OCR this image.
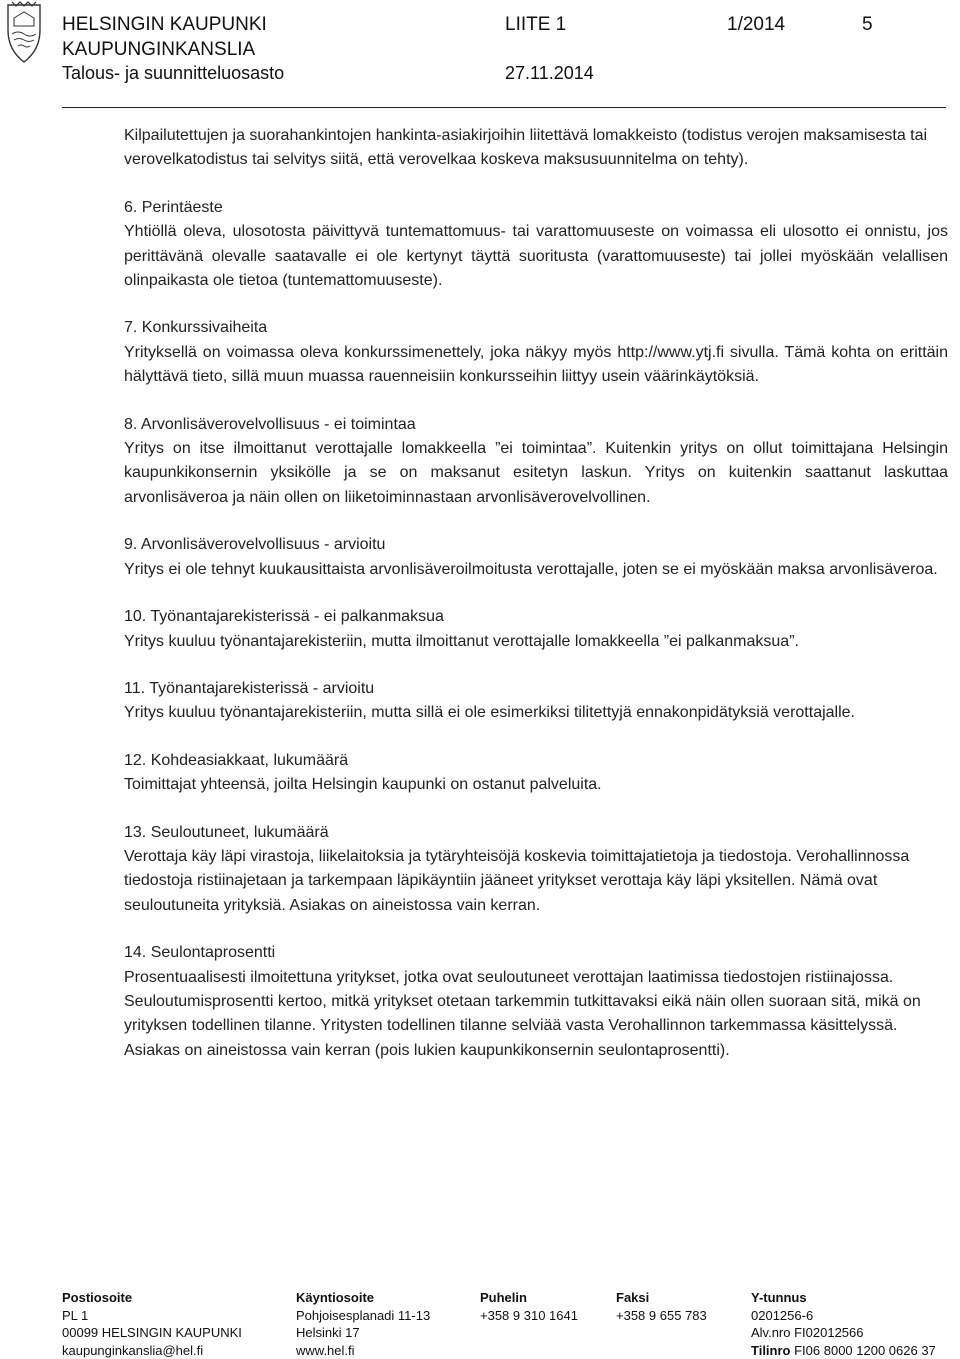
HELSINGIN KAUPUNKI
KAUPUNGINKANSLIA
Talous- ja suunnitteluosasto
LIITE 1	1/2014	5
27.11.2014

Kilpailutettujen ja suorahankintojen hankinta-asiakirjoihin liitettävä lomakkeisto (todistus verojen maksamisesta tai verovelkatodistus tai selvitys siitä, että verovelkaa koskeva maksusuunnitelma on tehty).

6. Perintäeste

Yhtiöllä oleva, ulosotosta päivittyvä tuntemattomuus- tai varattomuuseste on voimassa eli ulosotto ei onnistu, jos perittävänä olevalle saatavalle ei ole kertynyt täyttä suoritusta (varattomuuseste) tai jollei myöskään velallisen olinpaikasta ole tietoa (tuntemattomuuseste).

7. Konkurssivaiheita

Yrityksellä on voimassa oleva konkurssimenettely, joka näkyy myös http://www.ytj.fi sivulla. Tämä kohta on erittäin hälyttävä tieto, sillä muun muassa rauenneisiin konkursseihin liittyy usein väärinkäytöksiä.

8. Arvonlisäverovelvollisuus - ei toimintaa

Yritys on itse ilmoittanut verottajalle lomakkeella ”ei toimintaa”. Kuitenkin yritys on ollut toimittajana Helsingin kaupunkikonsernin yksikölle ja se on maksanut esitetyn laskun. Yritys on kuitenkin saattanut laskuttaa arvonlisäveroa ja näin ollen on liiketoiminnastaan arvonlisäverovelvollinen.

9. Arvonlisäverovelvollisuus - arvioitu

Yritys ei ole tehnyt kuukausittaista arvonlisäveroilmoitusta verottajalle, joten se ei myöskään maksa arvonlisäveroa.

10. Työnantajarekisterissä - ei palkanmaksua

Yritys kuuluu työnantajarekisteriin, mutta ilmoittanut verottajalle lomakkeella ”ei palkanmaksua”.

11. Työnantajarekisterissä - arvioitu

Yritys kuuluu työnantajarekisteriin, mutta sillä ei ole esimerkiksi tilitettyjä ennakonpidätyksiä verottajalle.

12. Kohdeasiakkaat, lukumäärä

Toimittajat yhteensä, joilta Helsingin kaupunki on ostanut palveluita.

13. Seuloutuneet, lukumäärä

Verottaja käy läpi virastoja, liikelaitoksia ja tytäryhteisöjä koskevia toimittajatietoja ja tiedostoja. Verohallinnossa tiedostoja ristiinajetaan ja tarkempaan läpikäyntiin jääneet yritykset verottaja käy läpi yksitellen. Nämä ovat seuloutuneita yrityksiä. Asiakas on aineistossa vain kerran.

14. Seulontaprosentti

Prosentuaalisesti ilmoitettuna yritykset, jotka ovat seuloutuneet verottajan laatimissa tiedostojen ristiinajossa. Seuloutumisprosentti kertoo, mitkä yritykset otetaan tarkemmin tutkittavaksi eikä näin ollen suoraan sitä, mikä on yrityksen todellinen tilanne. Yritysten todellinen tilanne selviää vasta Verohallinnon tarkemmassa käsittelyssä. Asiakas on aineistossa vain kerran (pois lukien kaupunkikonsernin seulontaprosentti).

Postiosoite
PL 1
00099 HELSINGIN KAUPUNKI
kaupunginkanslia@hel.fi
Käyntiosoite
Pohjoisesplanadi 11-13
Helsinki 17
www.hel.fi
Puhelin
+358 9 310 1641
Faksi
+358 9 655 783
Y-tunnus
0201256-6
Alv.nro FI02012566
Tilinro FI06 8000 1200 0626 37
